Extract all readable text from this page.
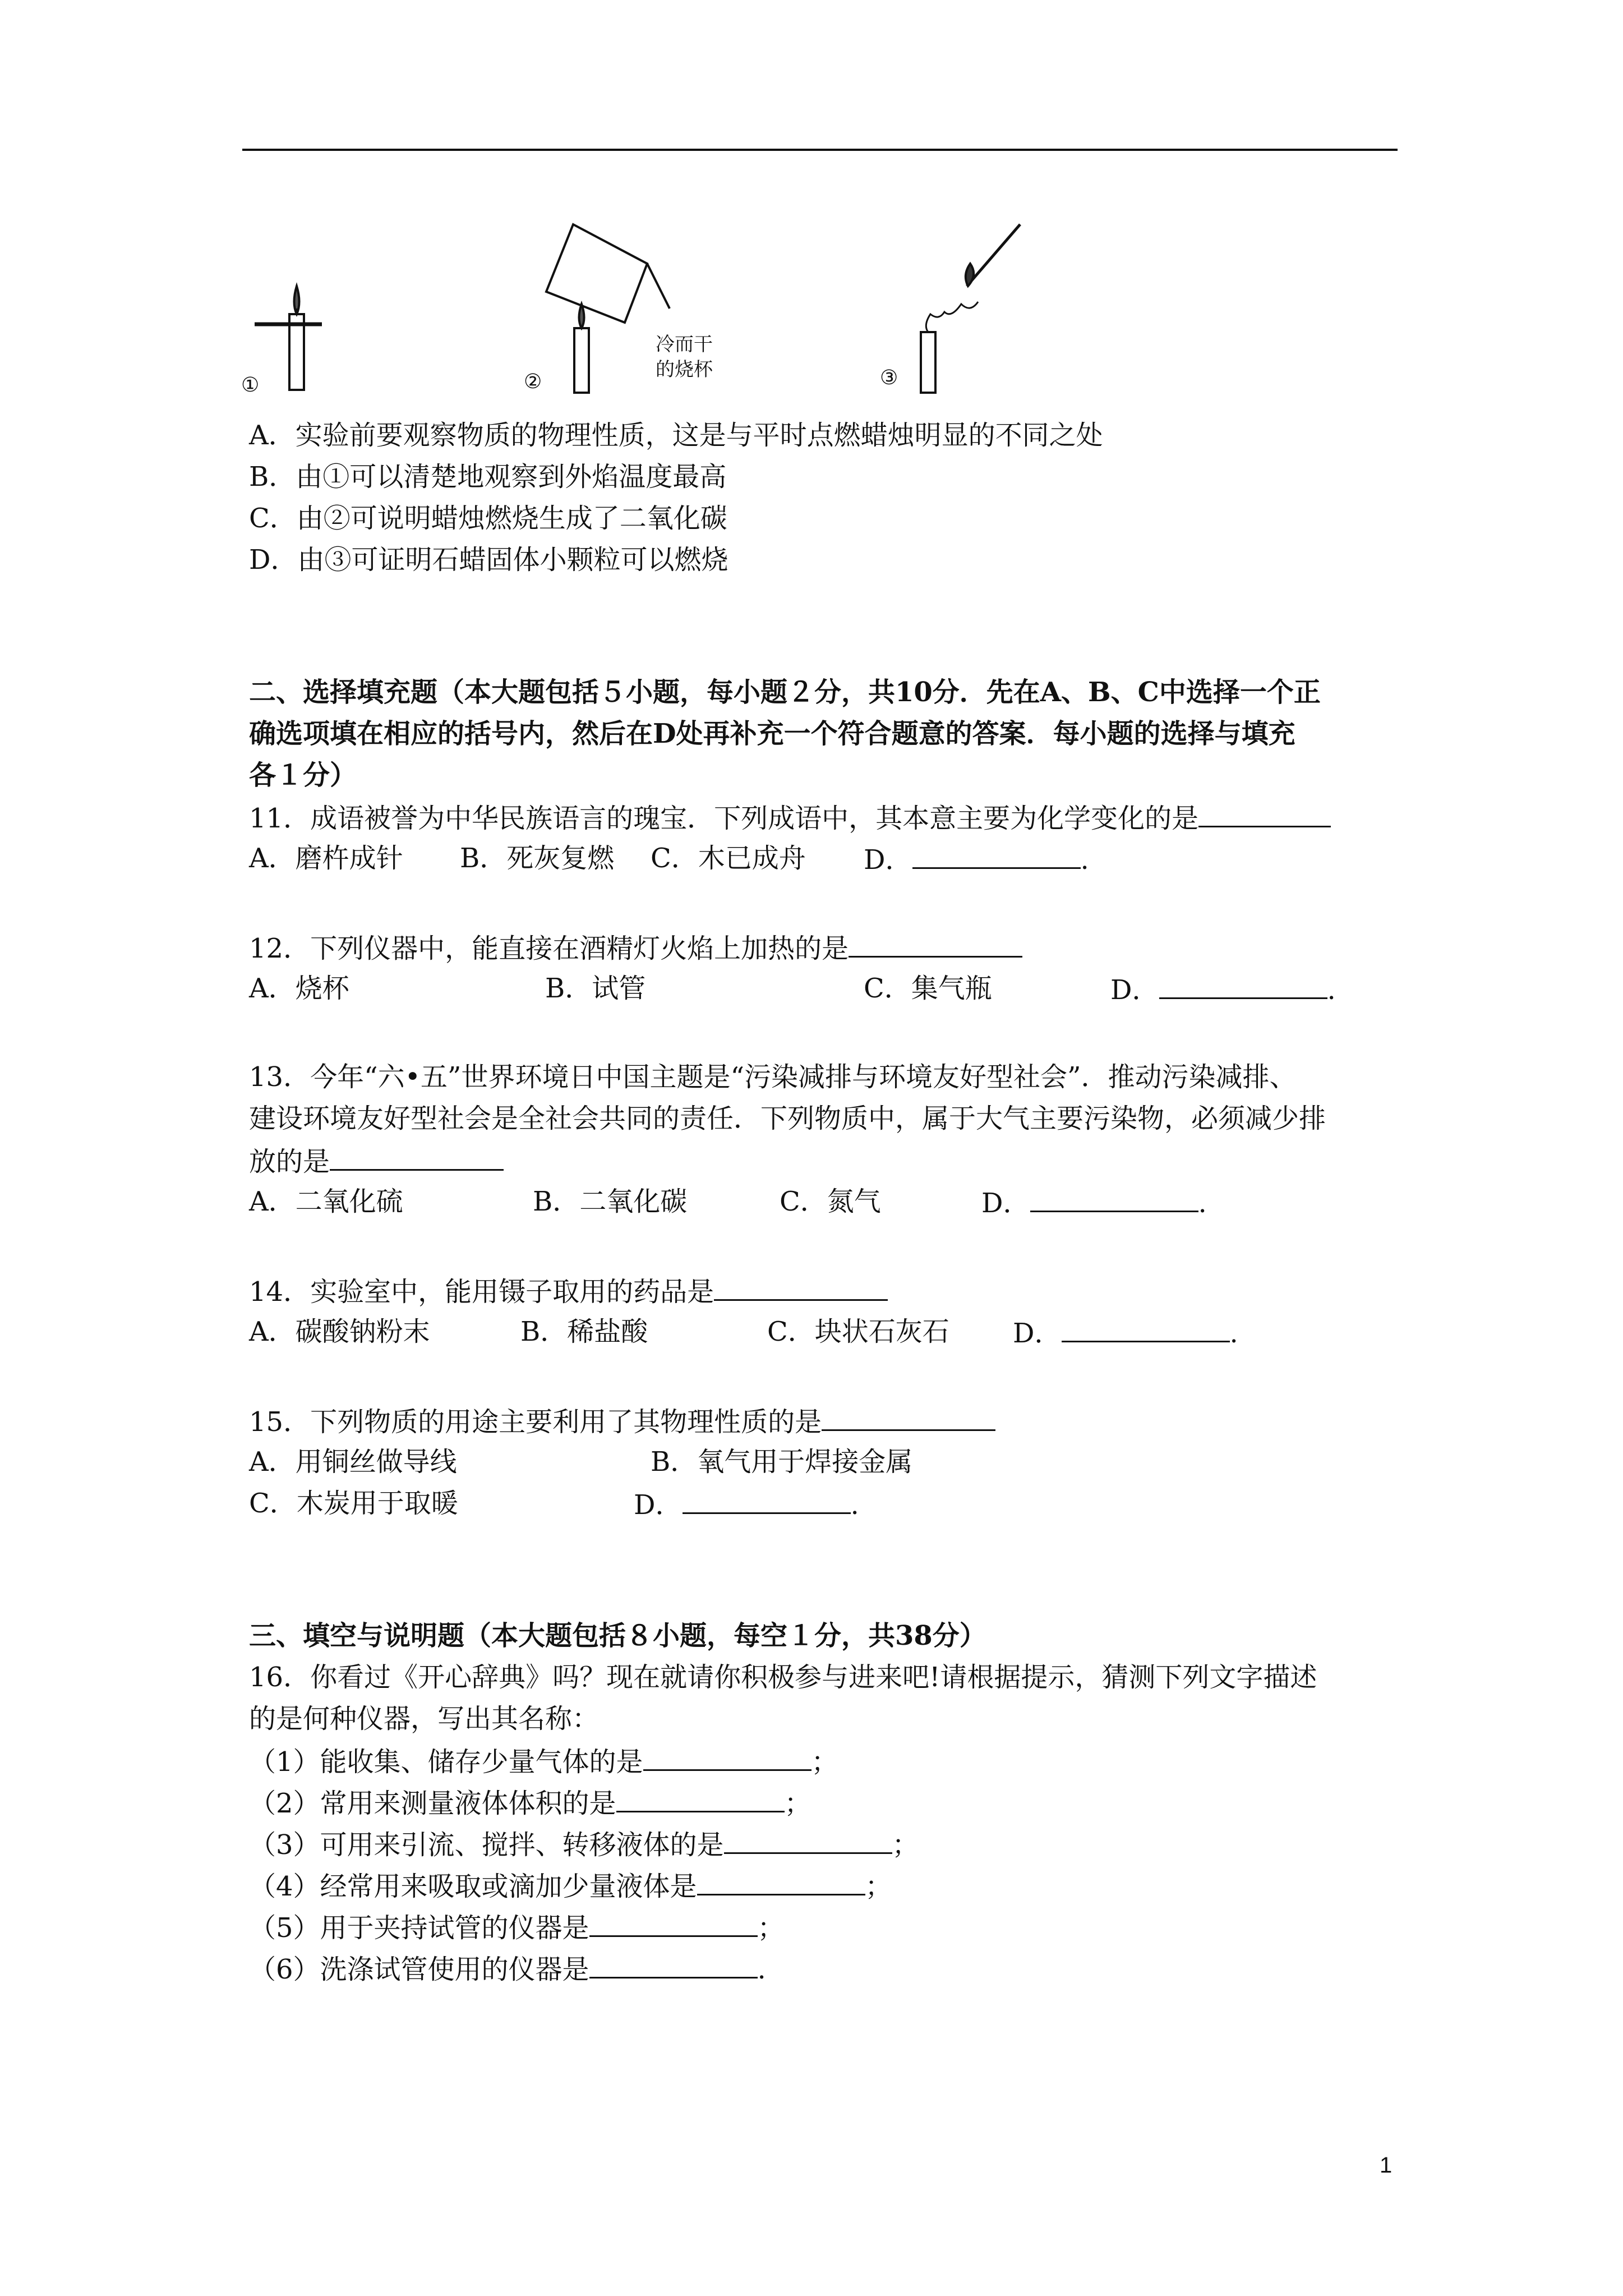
①	②	③
冷而干
的烧杯
A．实验前要观察物质的物理性质，这是与平时点燃蜡烛明显的不同之处
B．由①可以清楚地观察到外焰温度最高
C．由②可说明蜡烛燃烧生成了二氧化碳
D．由③可证明石蜡固体小颗粒可以燃烧
二、选择填充题（本大题包括５小题，每小题２分，共10分．先在A、B、C中选择一个正
确选项填在相应的括号内，然后在D处再补充一个符合题意的答案．每小题的选择与填充
各１分）
11．成语被誉为中华民族语言的瑰宝．下列成语中，其本意主要为化学变化的是
A．磨杵成针 B．死灰复燃 C．木已成舟 D．	.
12．下列仪器中，能直接在酒精灯火焰上加热的是
A．烧杯	B．试管	C．集气瓶	D．	.
13．今年“六•五”世界环境日中国主题是“污染减排与环境友好型社会”．推动污染减排、
建设环境友好型社会是全社会共同的责任．下列物质中，属于大气主要污染物，必须减少排
放的是
A．二氧化硫	B．二氧化碳	C．氮气	D．	.
14．实验室中，能用镊子取用的药品是
A．碳酸钠粉末	B．稀盐酸	C．块状石灰石 D．	.
15．下列物质的用途主要利用了其物理性质的是
A．用铜丝做导线	B．氧气用于焊接金属
C．木炭用于取暖	D．	.
三、填空与说明题（本大题包括８小题，每空１分，共38分）
16．你看过《开心辞典》吗？现在就请你积极参与进来吧!请根据提示，猜测下列文字描述
的是何种仪器，写出其名称：
（1）能收集、储存少量气体的是	；
（2）常用来测量液体体积的是	；
（3）可用来引流、搅拌、转移液体的是	；
（4）经常用来吸取或滴加少量液体是	；
（5）用于夹持试管的仪器是	；
（6）洗涤试管使用的仪器是	.
1
